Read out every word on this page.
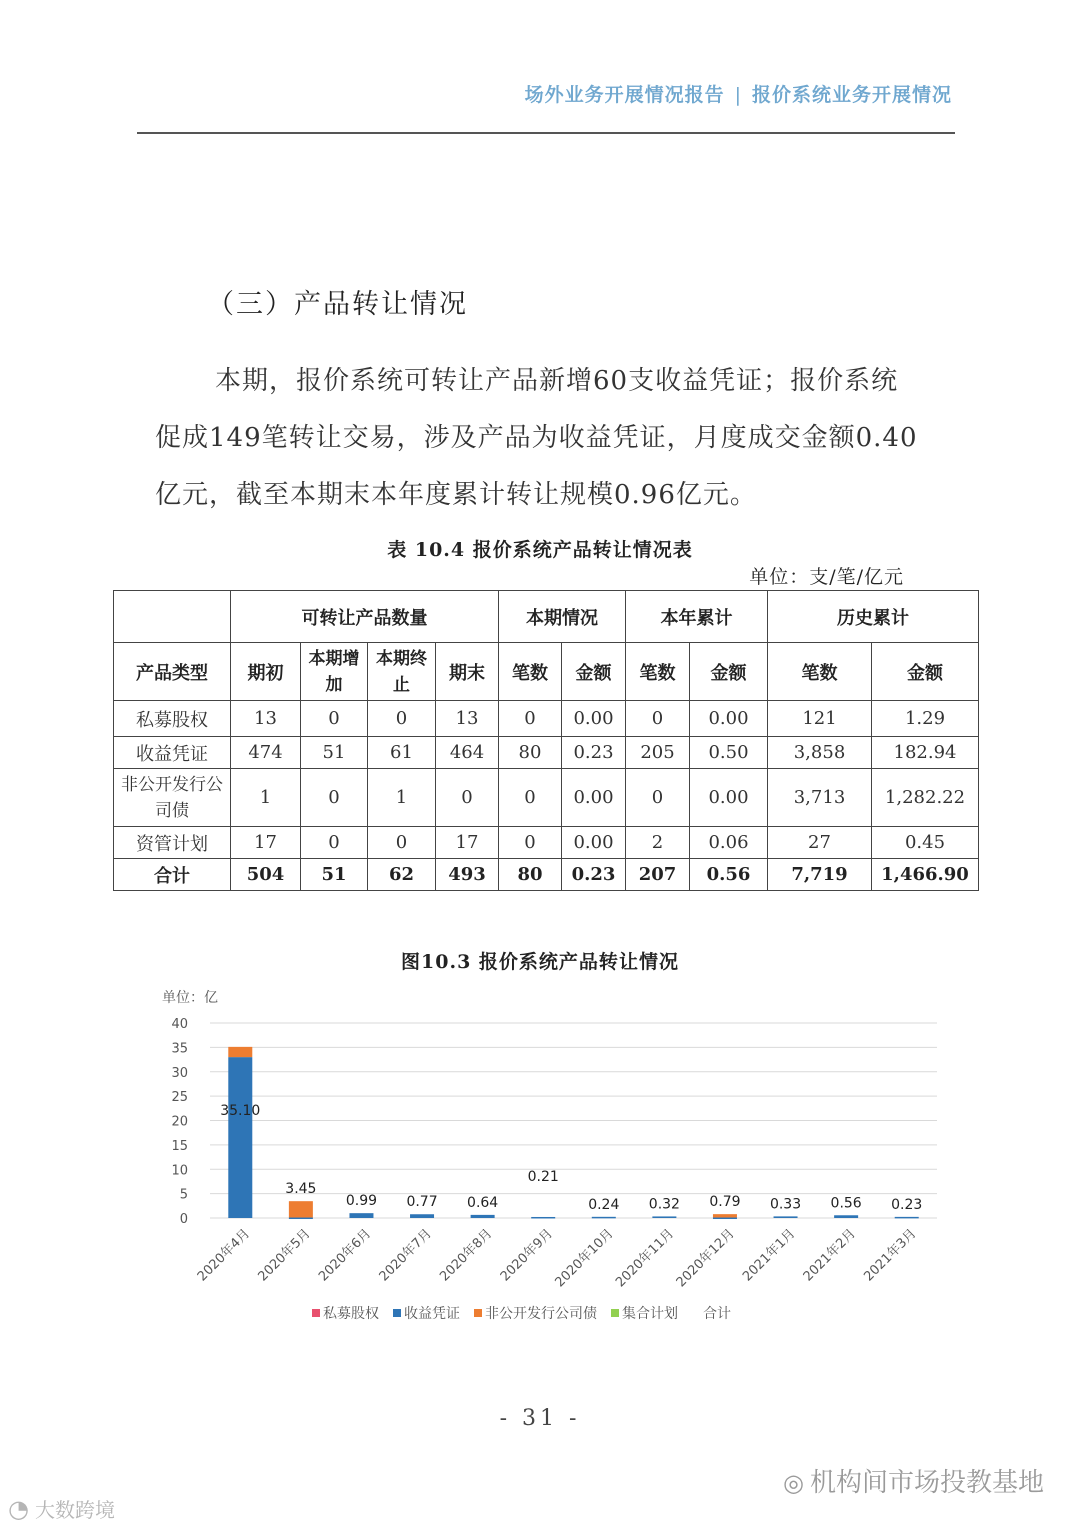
场外业务开展情况报告 | 报价系统业务开展情况
（三）产品转让情况
本期，报价系统可转让产品新增60支收益凭证；报价系统
促成149笔转让交易，涉及产品为收益凭证，月度成交金额0.40
亿元，截至本期末本年度累计转让规模0.96亿元。
表 10.4 报价系统产品转让情况表
单位：支/笔/亿元
	可转让产品数量				本期情况		本年累计		历史累计	
产品类型	期初	本期增加	本期终止	期末	笔数	金额	笔数	金额	笔数	金额
私募股权	13	0	0	13	0	0.00	0	0.00	121	1.29
收益凭证	474	51	61	464	80	0.23	205	0.50	3,858	182.94
非公开发行公司债	1	0	1	0	0	0.00	0	0.00	3,713	1,282.22
资管计划	17	0	0	17	0	0.00	2	0.06	27	0.45
合计	504	51	62	493	80	0.23	207	0.56	7,719	1,466.90
图10.3 报价系统产品转让情况
单位：亿
0
5
10
15
20
25
30
35
40
35.10
2020年4月
3.45
2020年5月
0.99
2020年6月
0.77
2020年7月
0.64
2020年8月
0.21
2020年9月
0.24
2020年10月
0.32
2020年11月
0.79
2020年12月
0.33
2021年1月
0.56
2021年2月
0.23
2021年3月
私募股权 收益凭证 非公开发行公司债 集合计划 合计
- 31 -
◎ 机构间市场投教基地
◔ 大数跨境
